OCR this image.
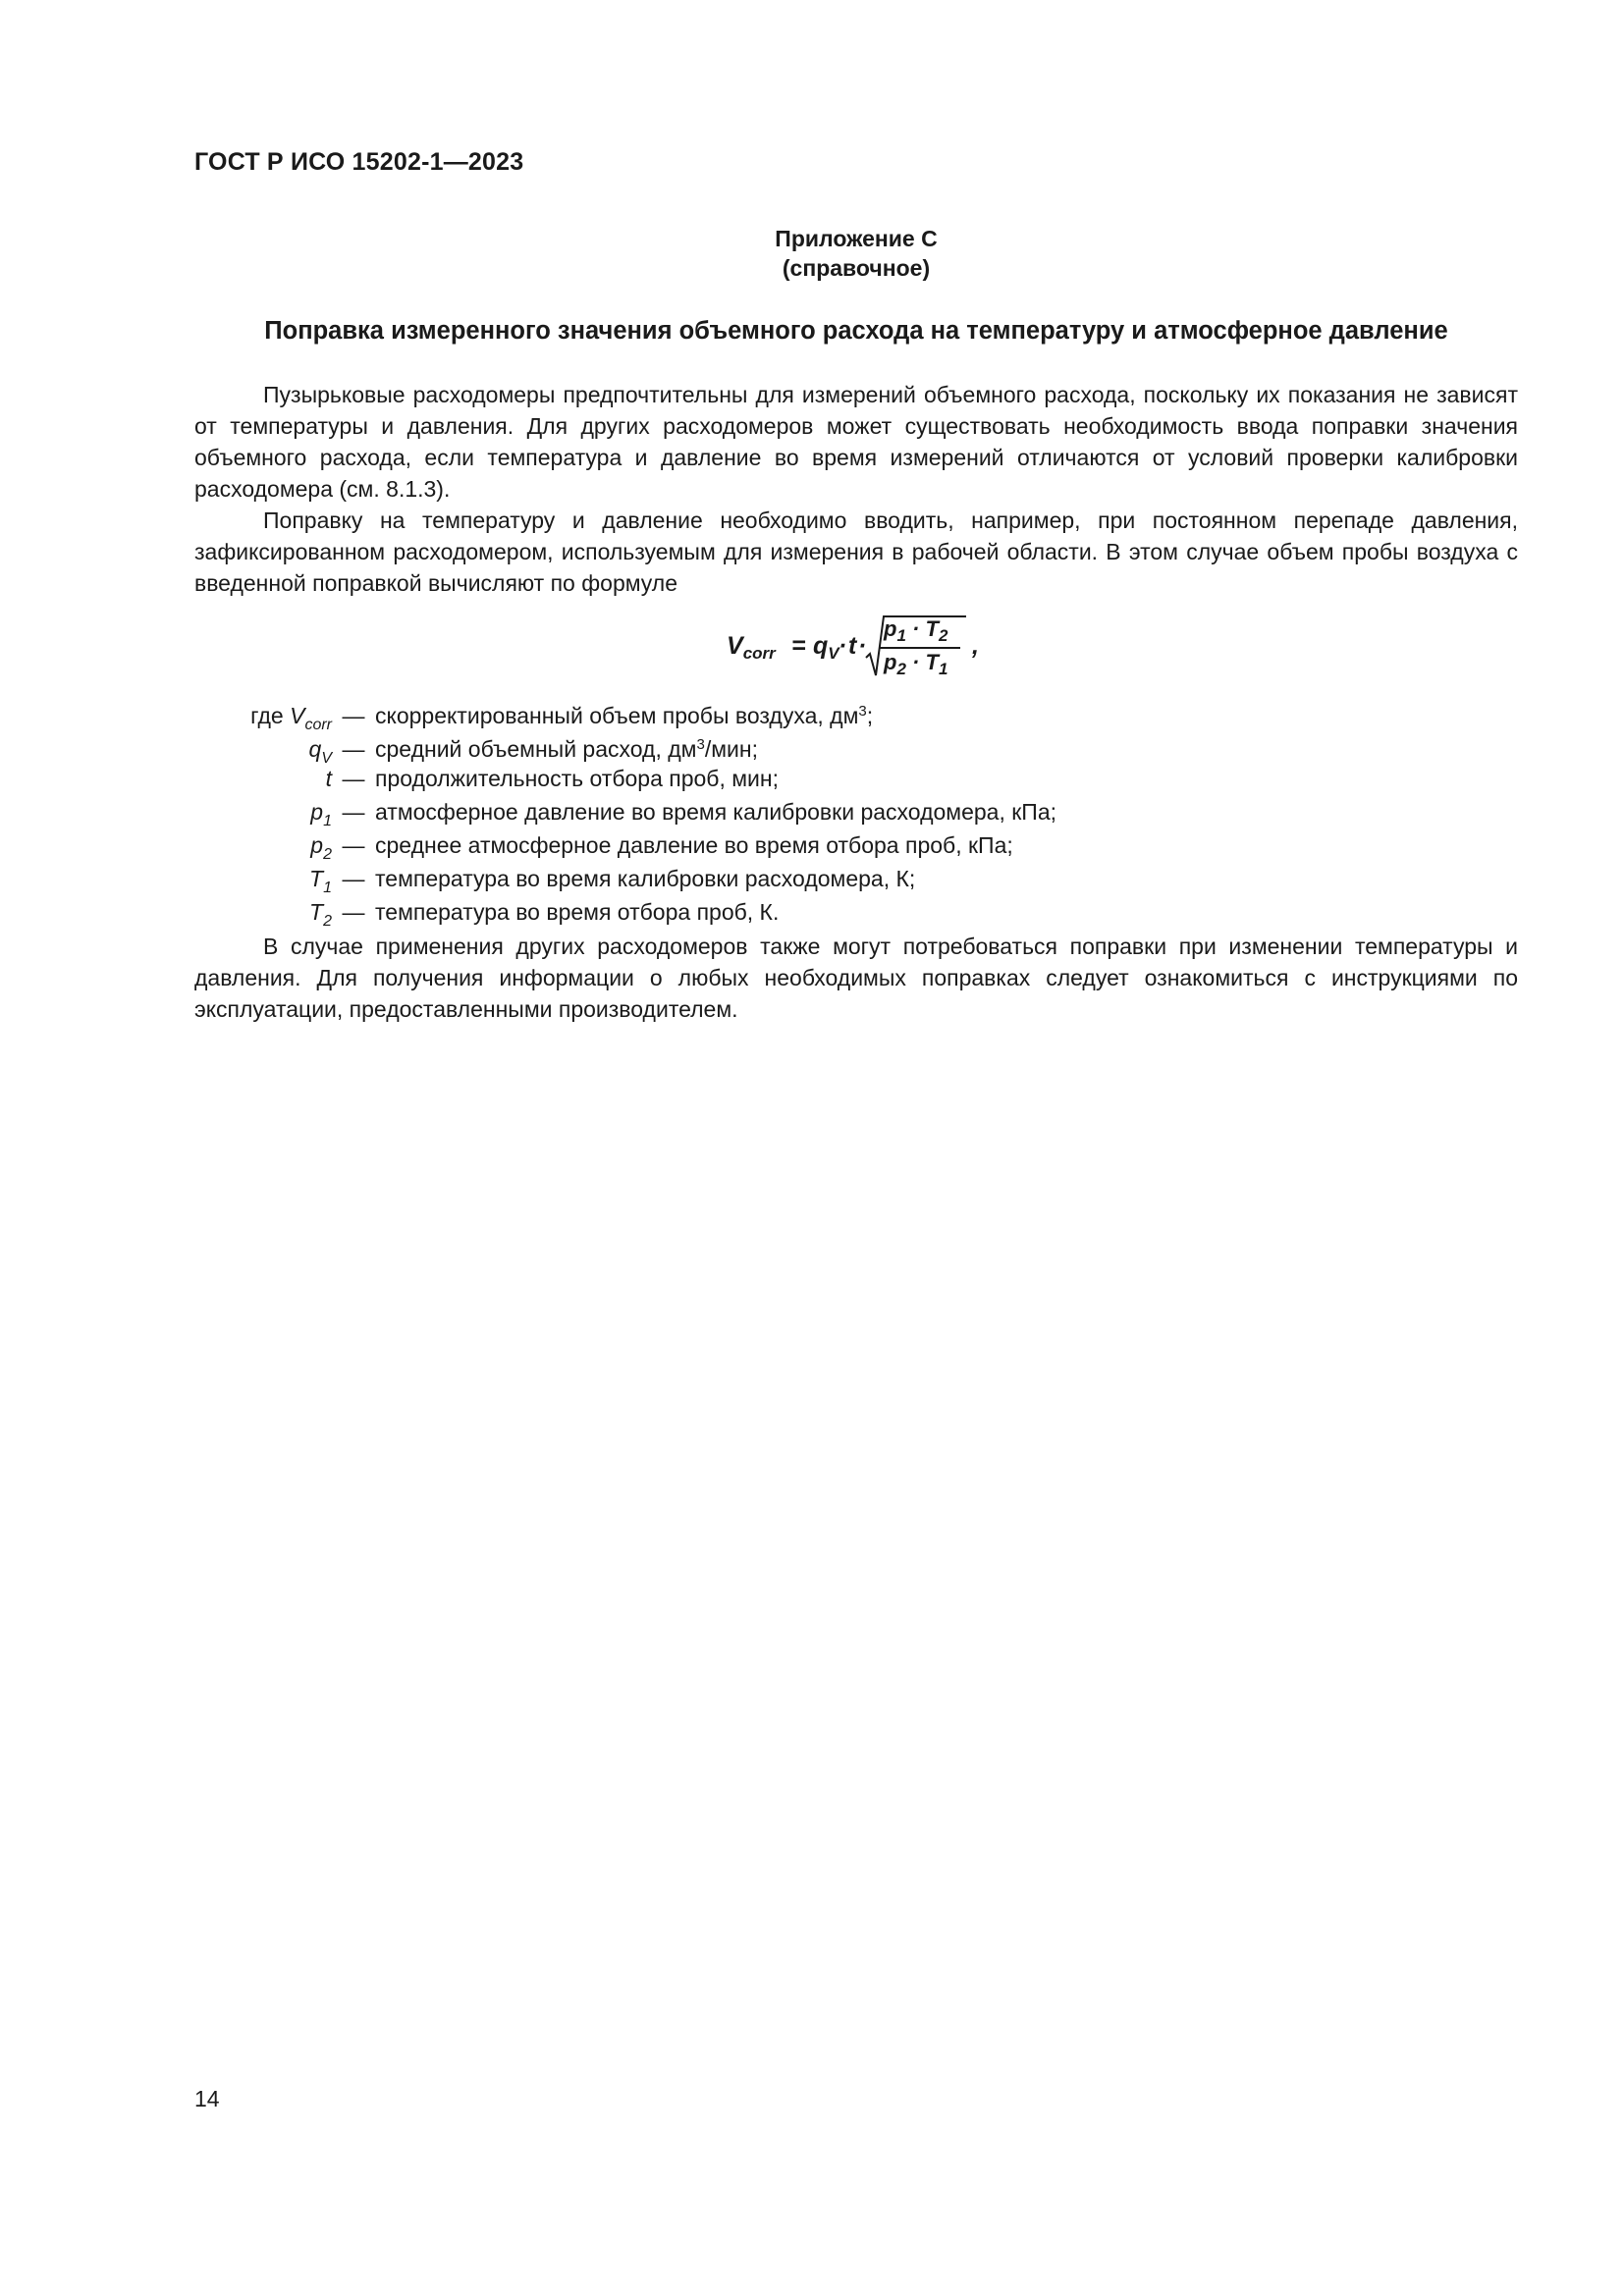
ГОСТ Р ИСО 15202-1—2023
Приложение С
(справочное)
Поправка измеренного значения объемного расхода на температуру и атмосферное давление

Пузырьковые расходомеры предпочтительны для измерений объемного расхода, поскольку их показания не зависят от температуры и давления. Для других расходомеров может существовать необходимость ввода поправки значения объемного расхода, если температура и давление во время измерений отличаются от условий проверки калибровки расходомера (см. 8.1.3).

Поправку на температуру и давление необходимо вводить, например, при постоянном перепаде давления, зафиксированном расходомером, используемым для измерения в рабочей области. В этом случае объем пробы воздуха с введенной поправкой вычисляют по формуле

$V_{corr} = q_V \cdot t$ ·
$p_1 \cdot T_2$
$p_2 \cdot T_1$
,
где $V_{corr}$ — скорректированный объем пробы воздуха, $дм^3$;
$q_V$ — средний объемный расход, $дм^3$/мин;
t — продолжительность отбора проб, мин;
$p_1$ — атмосферное давление во время калибровки расходомера, кПа;
$p_2$ — среднее атмосферное давление во время отбора проб, кПа;
$T_1$ — температура во время калибровки расходомера, К;
$T_2$ — температура во время отбора проб, К.

В случае применения других расходомеров также могут потребоваться поправки при изменении температуры и давления. Для получения информации о любых необходимых поправках следует ознакомиться с инструкциями по эксплуатации, предоставленными производителем.

14
